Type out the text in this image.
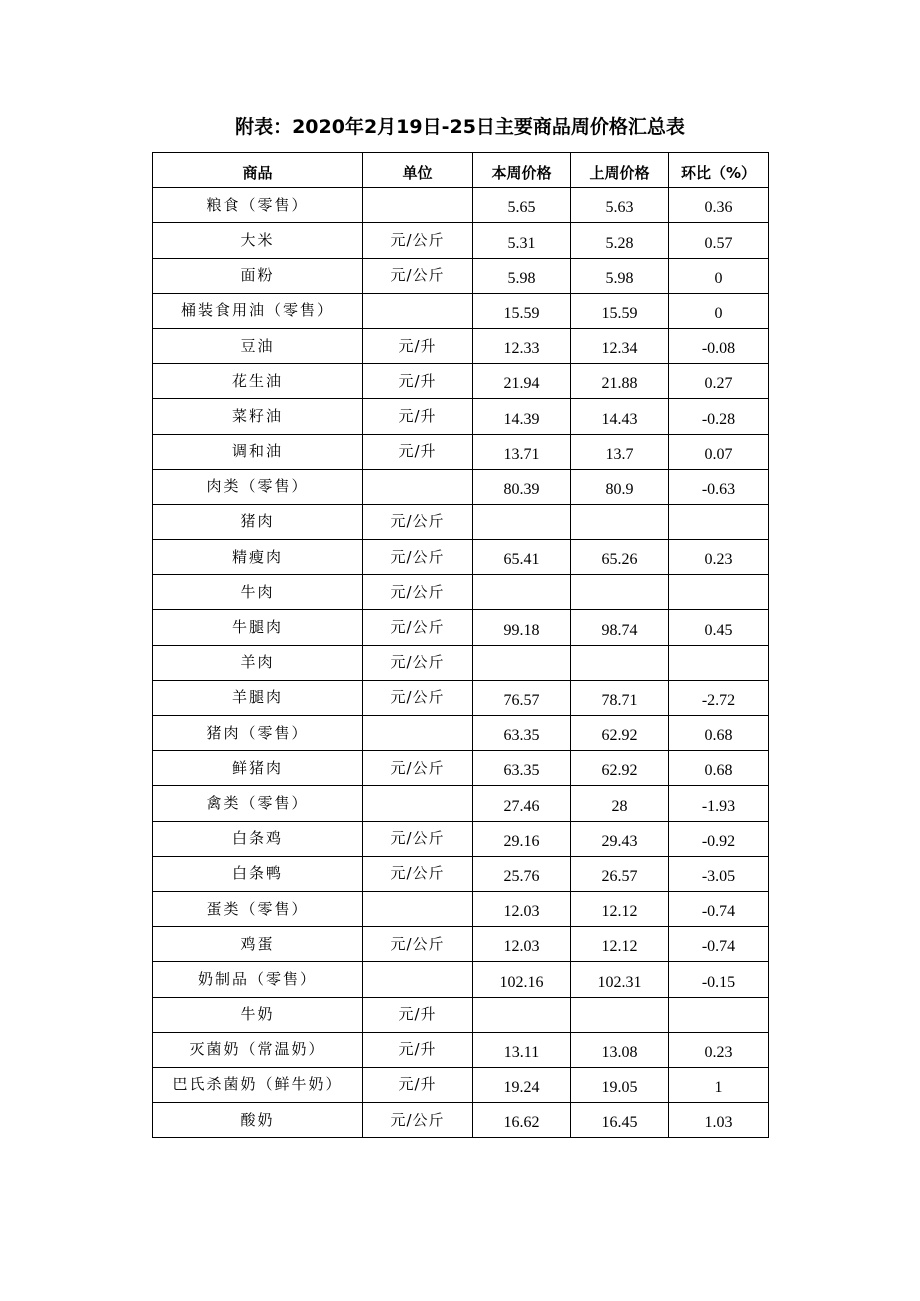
附表：2020年2月19日-25日主要商品周价格汇总表
商品	单位	本周价格	上周价格	环比（%）
粮食（零售）		5.65	5.63	0.36
大米	元/公斤	5.31	5.28	0.57
面粉	元/公斤	5.98	5.98	0
桶装食用油（零售）		15.59	15.59	0
豆油	元/升	12.33	12.34	-0.08
花生油	元/升	21.94	21.88	0.27
菜籽油	元/升	14.39	14.43	-0.28
调和油	元/升	13.71	13.7	0.07
肉类（零售）		80.39	80.9	-0.63
猪肉	元/公斤			
精瘦肉	元/公斤	65.41	65.26	0.23
牛肉	元/公斤			
牛腿肉	元/公斤	99.18	98.74	0.45
羊肉	元/公斤			
羊腿肉	元/公斤	76.57	78.71	-2.72
猪肉（零售）		63.35	62.92	0.68
鲜猪肉	元/公斤	63.35	62.92	0.68
禽类（零售）		27.46	28	-1.93
白条鸡	元/公斤	29.16	29.43	-0.92
白条鸭	元/公斤	25.76	26.57	-3.05
蛋类（零售）		12.03	12.12	-0.74
鸡蛋	元/公斤	12.03	12.12	-0.74
奶制品（零售）		102.16	102.31	-0.15
牛奶	元/升			
灭菌奶（常温奶）	元/升	13.11	13.08	0.23
巴氏杀菌奶（鲜牛奶）	元/升	19.24	19.05	1
酸奶	元/公斤	16.62	16.45	1.03
